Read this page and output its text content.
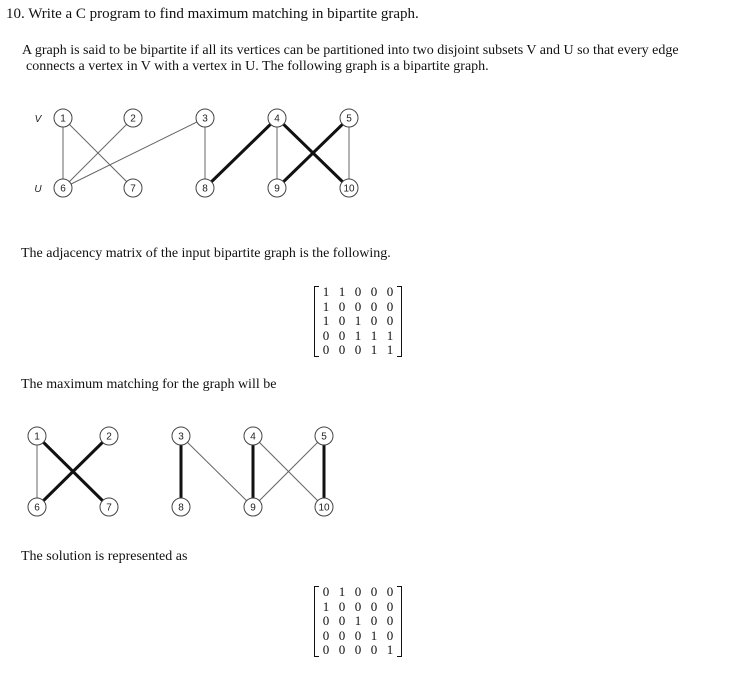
10. Write a C program to find maximum matching in bipartite graph.
A graph is said to be bipartite if all its vertices can be partitioned into two disjoint subsets V and U so that every edge
connects a vertex in V with a vertex in U. The following graph is a bipartite graph.
1	2	3	4	5
6	7	8	9	10
V
U
The adjacency matrix of the input bipartite graph is the following.
1 1 0 0 0
1 0 0 0 0
1 0 1 0 0
0 0 1 1 1
0 0 0 1 1
The maximum matching for the graph will be
1	2	3	4	5
6	7	8	9	10
The solution is represented as
0 1 0 0 0
1 0 0 0 0
0 0 1 0 0
0 0 0 1 0
0 0 0 0 1
